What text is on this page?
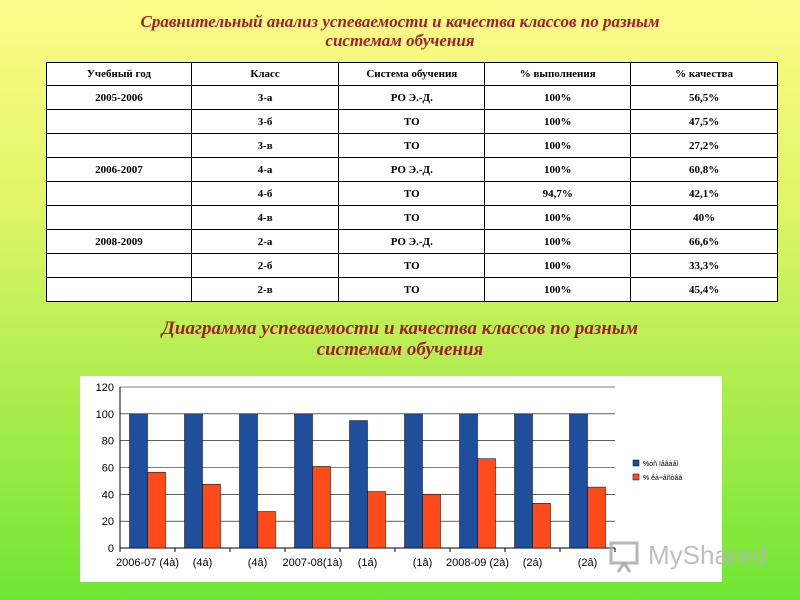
Сравнительный анализ успеваемости и качества классов по разным
системам обучения
Учебный год	Класс	Система обучения	% выполнения	% качества
2005-2006	3-а	РО Э.-Д.	100%	56,5%
	3-б	ТО	100%	47,5%
	3-в	ТО	100%	27,2%
2006-2007	4-а	РО Э.-Д.	100%	60,8%
	4-б	ТО	94,7%	42,1%
	4-в	ТО	100%	40%
2008-2009	2-а	РО Э.-Д.	100%	66,6%
	2-б	ТО	100%	33,3%
	2-в	ТО	100%	45,4%
Диаграмма успеваемости и качества классов по разным
системам обучения
0
20
40
60
80
100
120
2006-07 (4à) (4á)	(4â) 2007-08(1à) (1á)	(1â) 2008-09 (2à) (2á)	(2â)
%óñ ïåâàåì
% êà÷åñòâà
MyShared
